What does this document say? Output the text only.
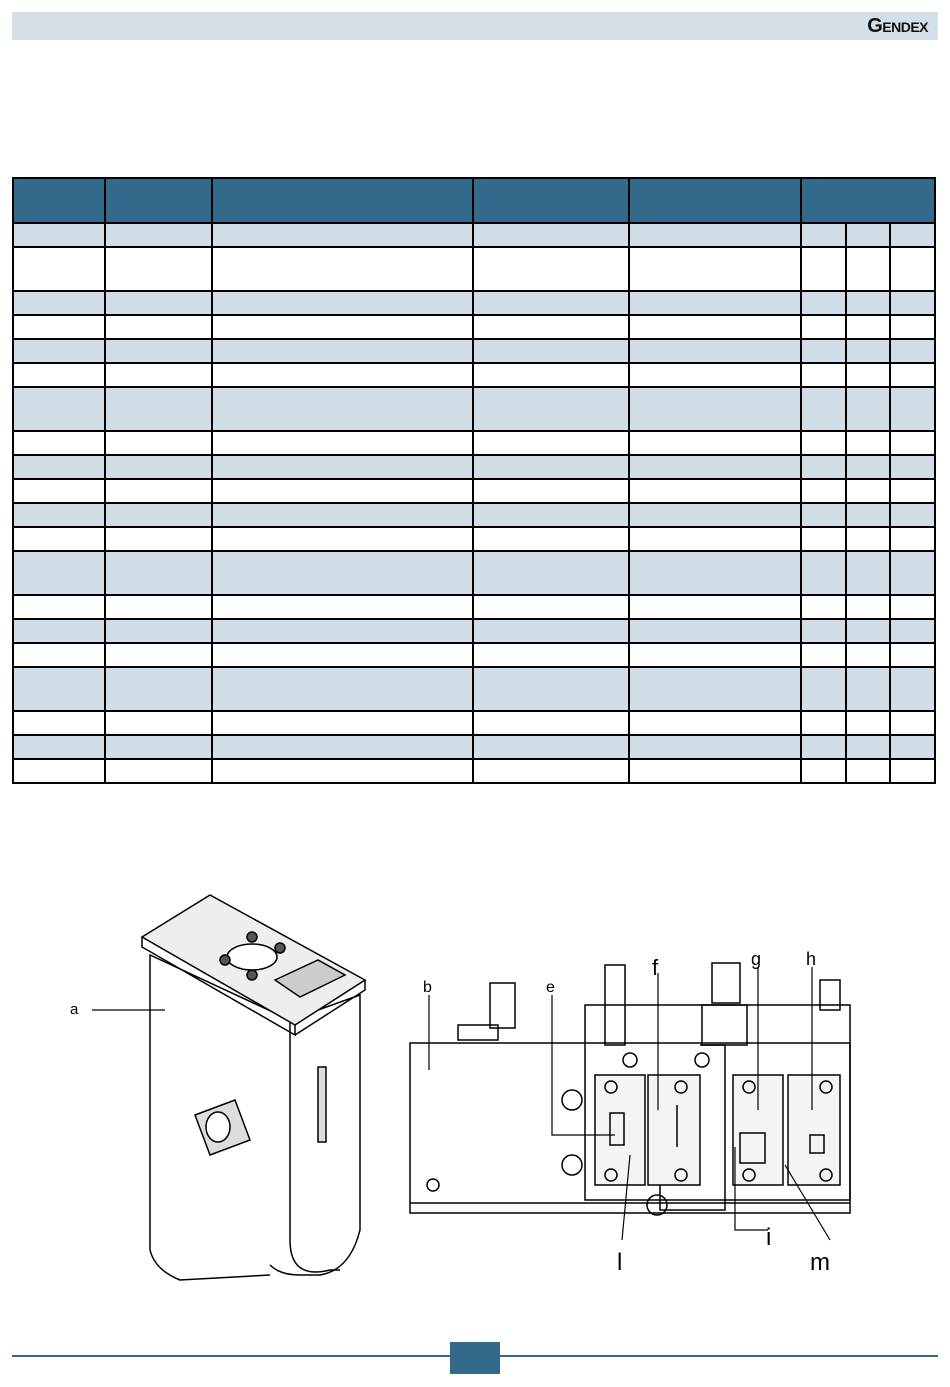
Gendex

a
b	e
f	g h
i
l	m
